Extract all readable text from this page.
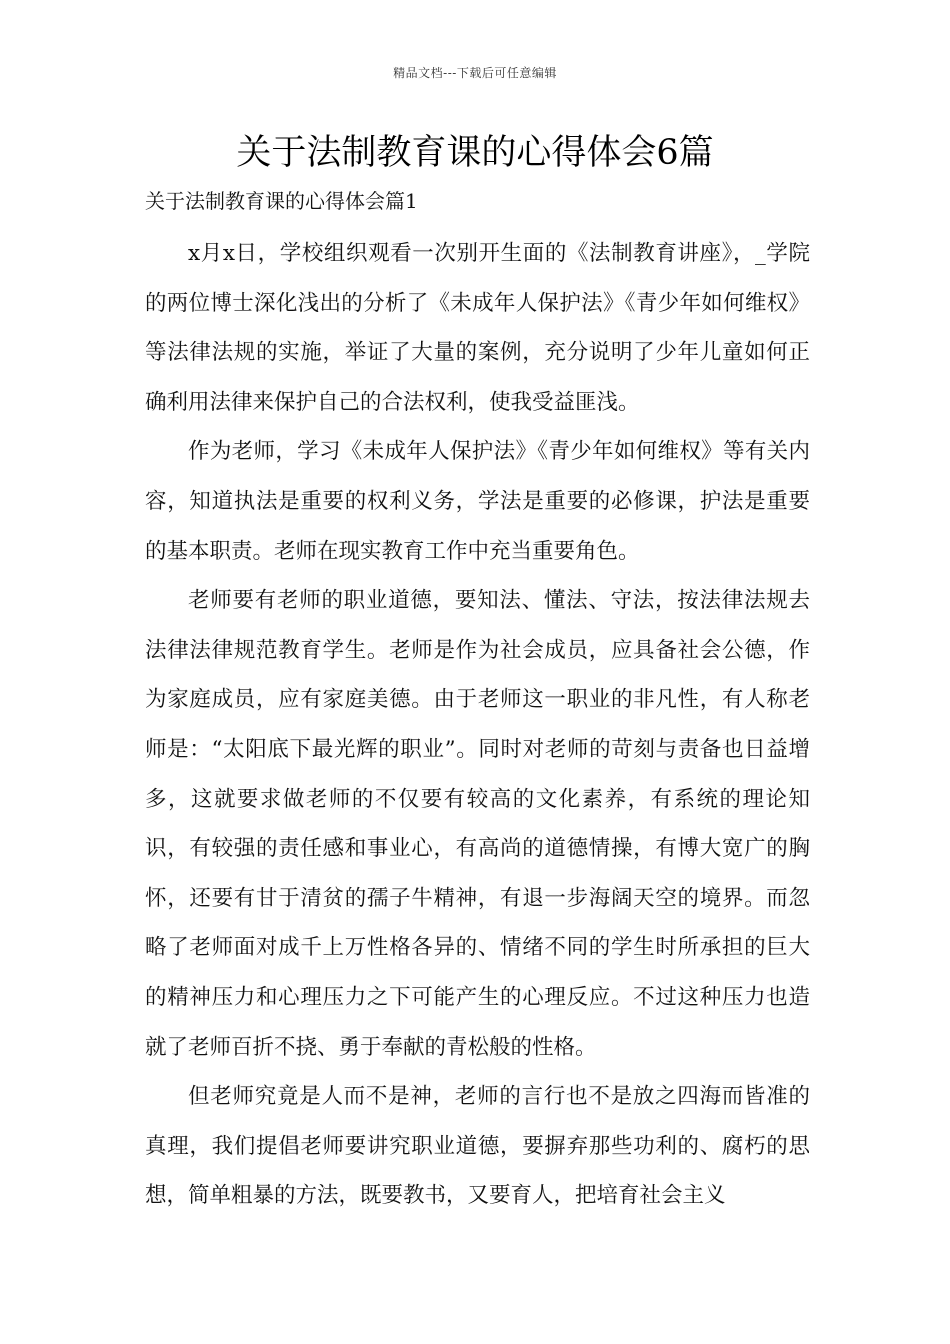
精品文档---下载后可任意编辑
关于法制教育课的心得体会6篇
关于法制教育课的心得体会篇1

x月x日，学校组织观看一次别开生面的《法制教育讲座》，_学院的两位博士深化浅出的分析了《未成年人保护法》《青少年如何维权》等法律法规的实施，举证了大量的案例，充分说明了少年儿童如何正确利用法律来保护自己的合法权利，使我受益匪浅。

作为老师，学习《未成年人保护法》《青少年如何维权》等有关内容，知道执法是重要的权利义务，学法是重要的必修课，护法是重要的基本职责。老师在现实教育工作中充当重要角色。

老师要有老师的职业道德，要知法、懂法、守法，按法律法规去法律法律规范教育学生。老师是作为社会成员，应具备社会公德，作为家庭成员，应有家庭美德。由于老师这一职业的非凡性，有人称老师是：“太阳底下最光辉的职业”。同时对老师的苛刻与责备也日益增多，这就要求做老师的不仅要有较高的文化素养，有系统的理论知识，有较强的责任感和事业心，有高尚的道德情操，有博大宽广的胸怀，还要有甘于清贫的孺子牛精神，有退一步海阔天空的境界。而忽略了老师面对成千上万性格各异的、情绪不同的学生时所承担的巨大的精神压力和心理压力之下可能产生的心理反应。不过这种压力也造就了老师百折不挠、勇于奉献的青松般的性格。

但老师究竟是人而不是神，老师的言行也不是放之四海而皆准的真理，我们提倡老师要讲究职业道德，要摒弃那些功利的、腐朽的思想，简单粗暴的方法，既要教书，又要育人，把培育社会主义
